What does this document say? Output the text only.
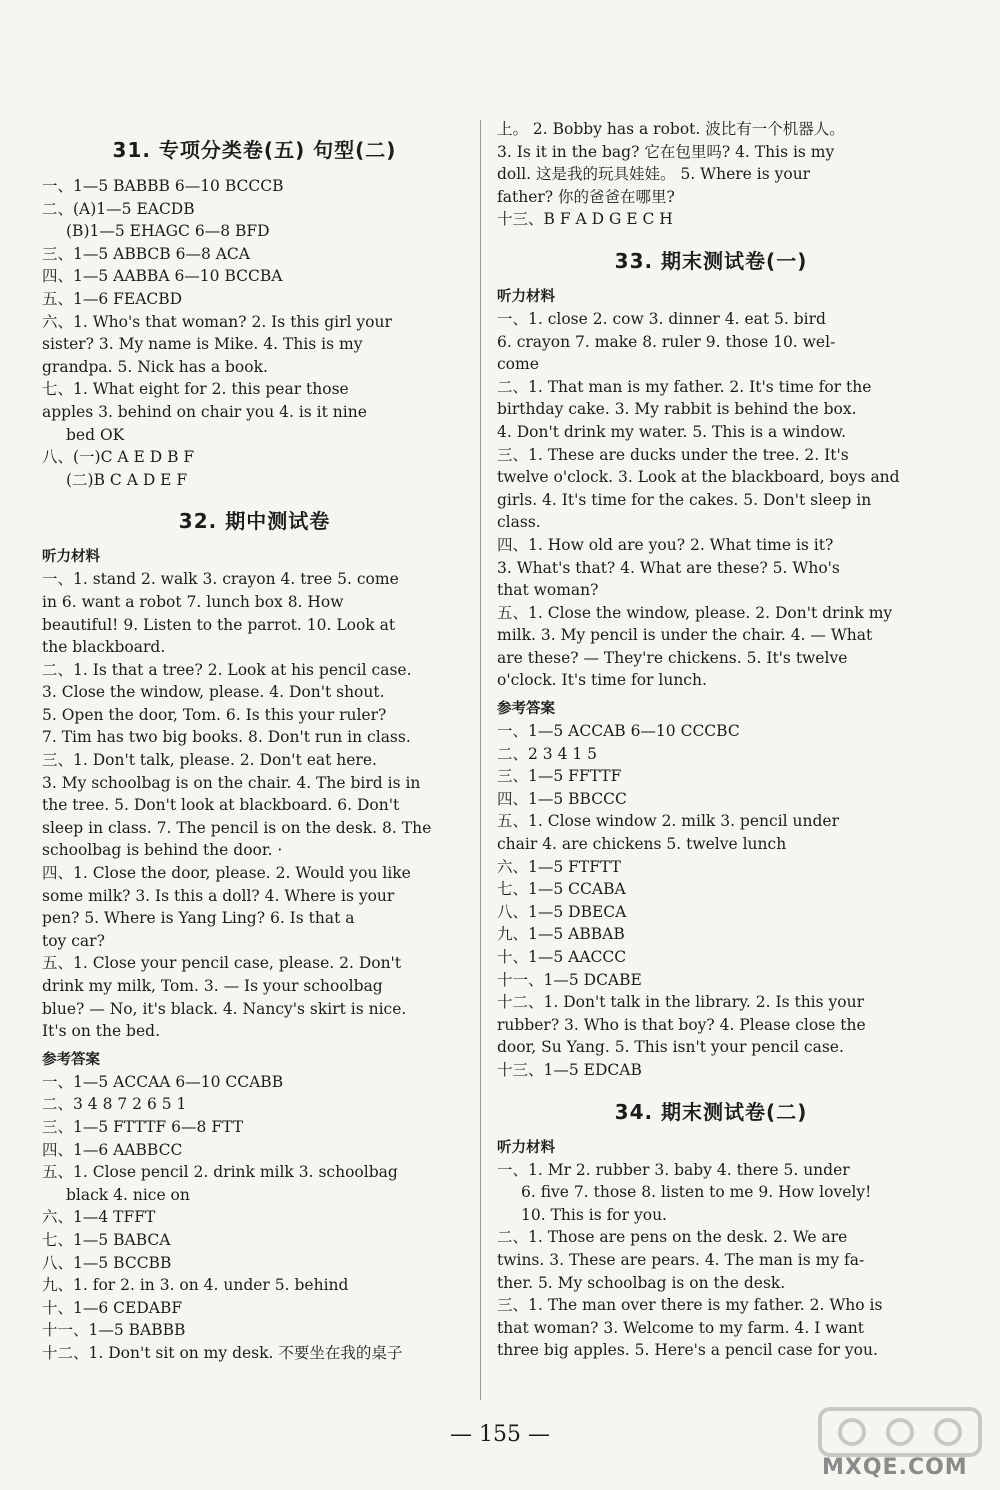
31. 专项分类卷(五) 句型(二)
一、1—5 BABBB 6—10 BCCCB
二、(A)1—5 EACDB
(B)1—5 EHAGC 6—8 BFD
三、1—5 ABBCB 6—8 ACA
四、1—5 AABBA 6—10 BCCBA
五、1—6 FEACBD
六、1. Who's that woman? 2. Is this girl your
sister? 3. My name is Mike. 4. This is my
grandpa. 5. Nick has a book.
七、1. What eight for 2. this pear those
apples 3. behind on chair you 4. is it nine
bed OK
八、(一)C A E D B F
(二)B C A D E F
32. 期中测试卷
听力材料
一、1. stand 2. walk 3. crayon 4. tree 5. come
in 6. want a robot 7. lunch box 8. How
beautiful! 9. Listen to the parrot. 10. Look at
the blackboard.
二、1. Is that a tree? 2. Look at his pencil case.
3. Close the window, please. 4. Don't shout.
5. Open the door, Tom. 6. Is this your ruler?
7. Tim has two big books. 8. Don't run in class.
三、1. Don't talk, please. 2. Don't eat here.
3. My schoolbag is on the chair. 4. The bird is in
the tree. 5. Don't look at blackboard. 6. Don't
sleep in class. 7. The pencil is on the desk. 8. The
schoolbag is behind the door. ·
四、1. Close the door, please. 2. Would you like
some milk? 3. Is this a doll? 4. Where is your
pen? 5. Where is Yang Ling? 6. Is that a
toy car?
五、1. Close your pencil case, please. 2. Don't
drink my milk, Tom. 3. — Is your schoolbag
blue? — No, it's black. 4. Nancy's skirt is nice.
It's on the bed.
参考答案
一、1—5 ACCAA 6—10 CCABB
二、3 4 8 7 2 6 5 1
三、1—5 FTTTF 6—8 FTT
四、1—6 AABBCC
五、1. Close pencil 2. drink milk 3. schoolbag
black 4. nice on
六、1—4 TFFT
七、1—5 BABCA
八、1—5 BCCBB
九、1. for 2. in 3. on 4. under 5. behind
十、1—6 CEDABF
十一、1—5 BABBB
十二、1. Don't sit on my desk. 不要坐在我的桌子
上。 2. Bobby has a robot. 波比有一个机器人。
3. Is it in the bag? 它在包里吗? 4. This is my
doll. 这是我的玩具娃娃。 5. Where is your
father? 你的爸爸在哪里?
十三、B F A D G E C H
33. 期末测试卷(一)
听力材料
一、1. close 2. cow 3. dinner 4. eat 5. bird
6. crayon 7. make 8. ruler 9. those 10. wel-
come
二、1. That man is my father. 2. It's time for the
birthday cake. 3. My rabbit is behind the box.
4. Don't drink my water. 5. This is a window.
三、1. These are ducks under the tree. 2. It's
twelve o'clock. 3. Look at the blackboard, boys and
girls. 4. It's time for the cakes. 5. Don't sleep in
class.
四、1. How old are you? 2. What time is it?
3. What's that? 4. What are these? 5. Who's
that woman?
五、1. Close the window, please. 2. Don't drink my
milk. 3. My pencil is under the chair. 4. — What
are these? — They're chickens. 5. It's twelve
o'clock. It's time for lunch.
参考答案
一、1—5 ACCAB 6—10 CCCBC
二、2 3 4 1 5
三、1—5 FFTTF
四、1—5 BBCCC
五、1. Close window 2. milk 3. pencil under
chair 4. are chickens 5. twelve lunch
六、1—5 FTFTT
七、1—5 CCABA
八、1—5 DBECA
九、1—5 ABBAB
十、1—5 AACCC
十一、1—5 DCABE
十二、1. Don't talk in the library. 2. Is this your
rubber? 3. Who is that boy? 4. Please close the
door, Su Yang. 5. This isn't your pencil case.
十三、1—5 EDCAB
34. 期末测试卷(二)
听力材料
一、1. Mr 2. rubber 3. baby 4. there 5. under
6. five 7. those 8. listen to me 9. How lovely!
10. This is for you.
二、1. Those are pens on the desk. 2. We are
twins. 3. These are pears. 4. The man is my fa-
ther. 5. My schoolbag is on the desk.
三、1. The man over there is my father. 2. Who is
that woman? 3. Welcome to my farm. 4. I want
three big apples. 5. Here's a pencil case for you.
— 155 —
MXQE.COM
